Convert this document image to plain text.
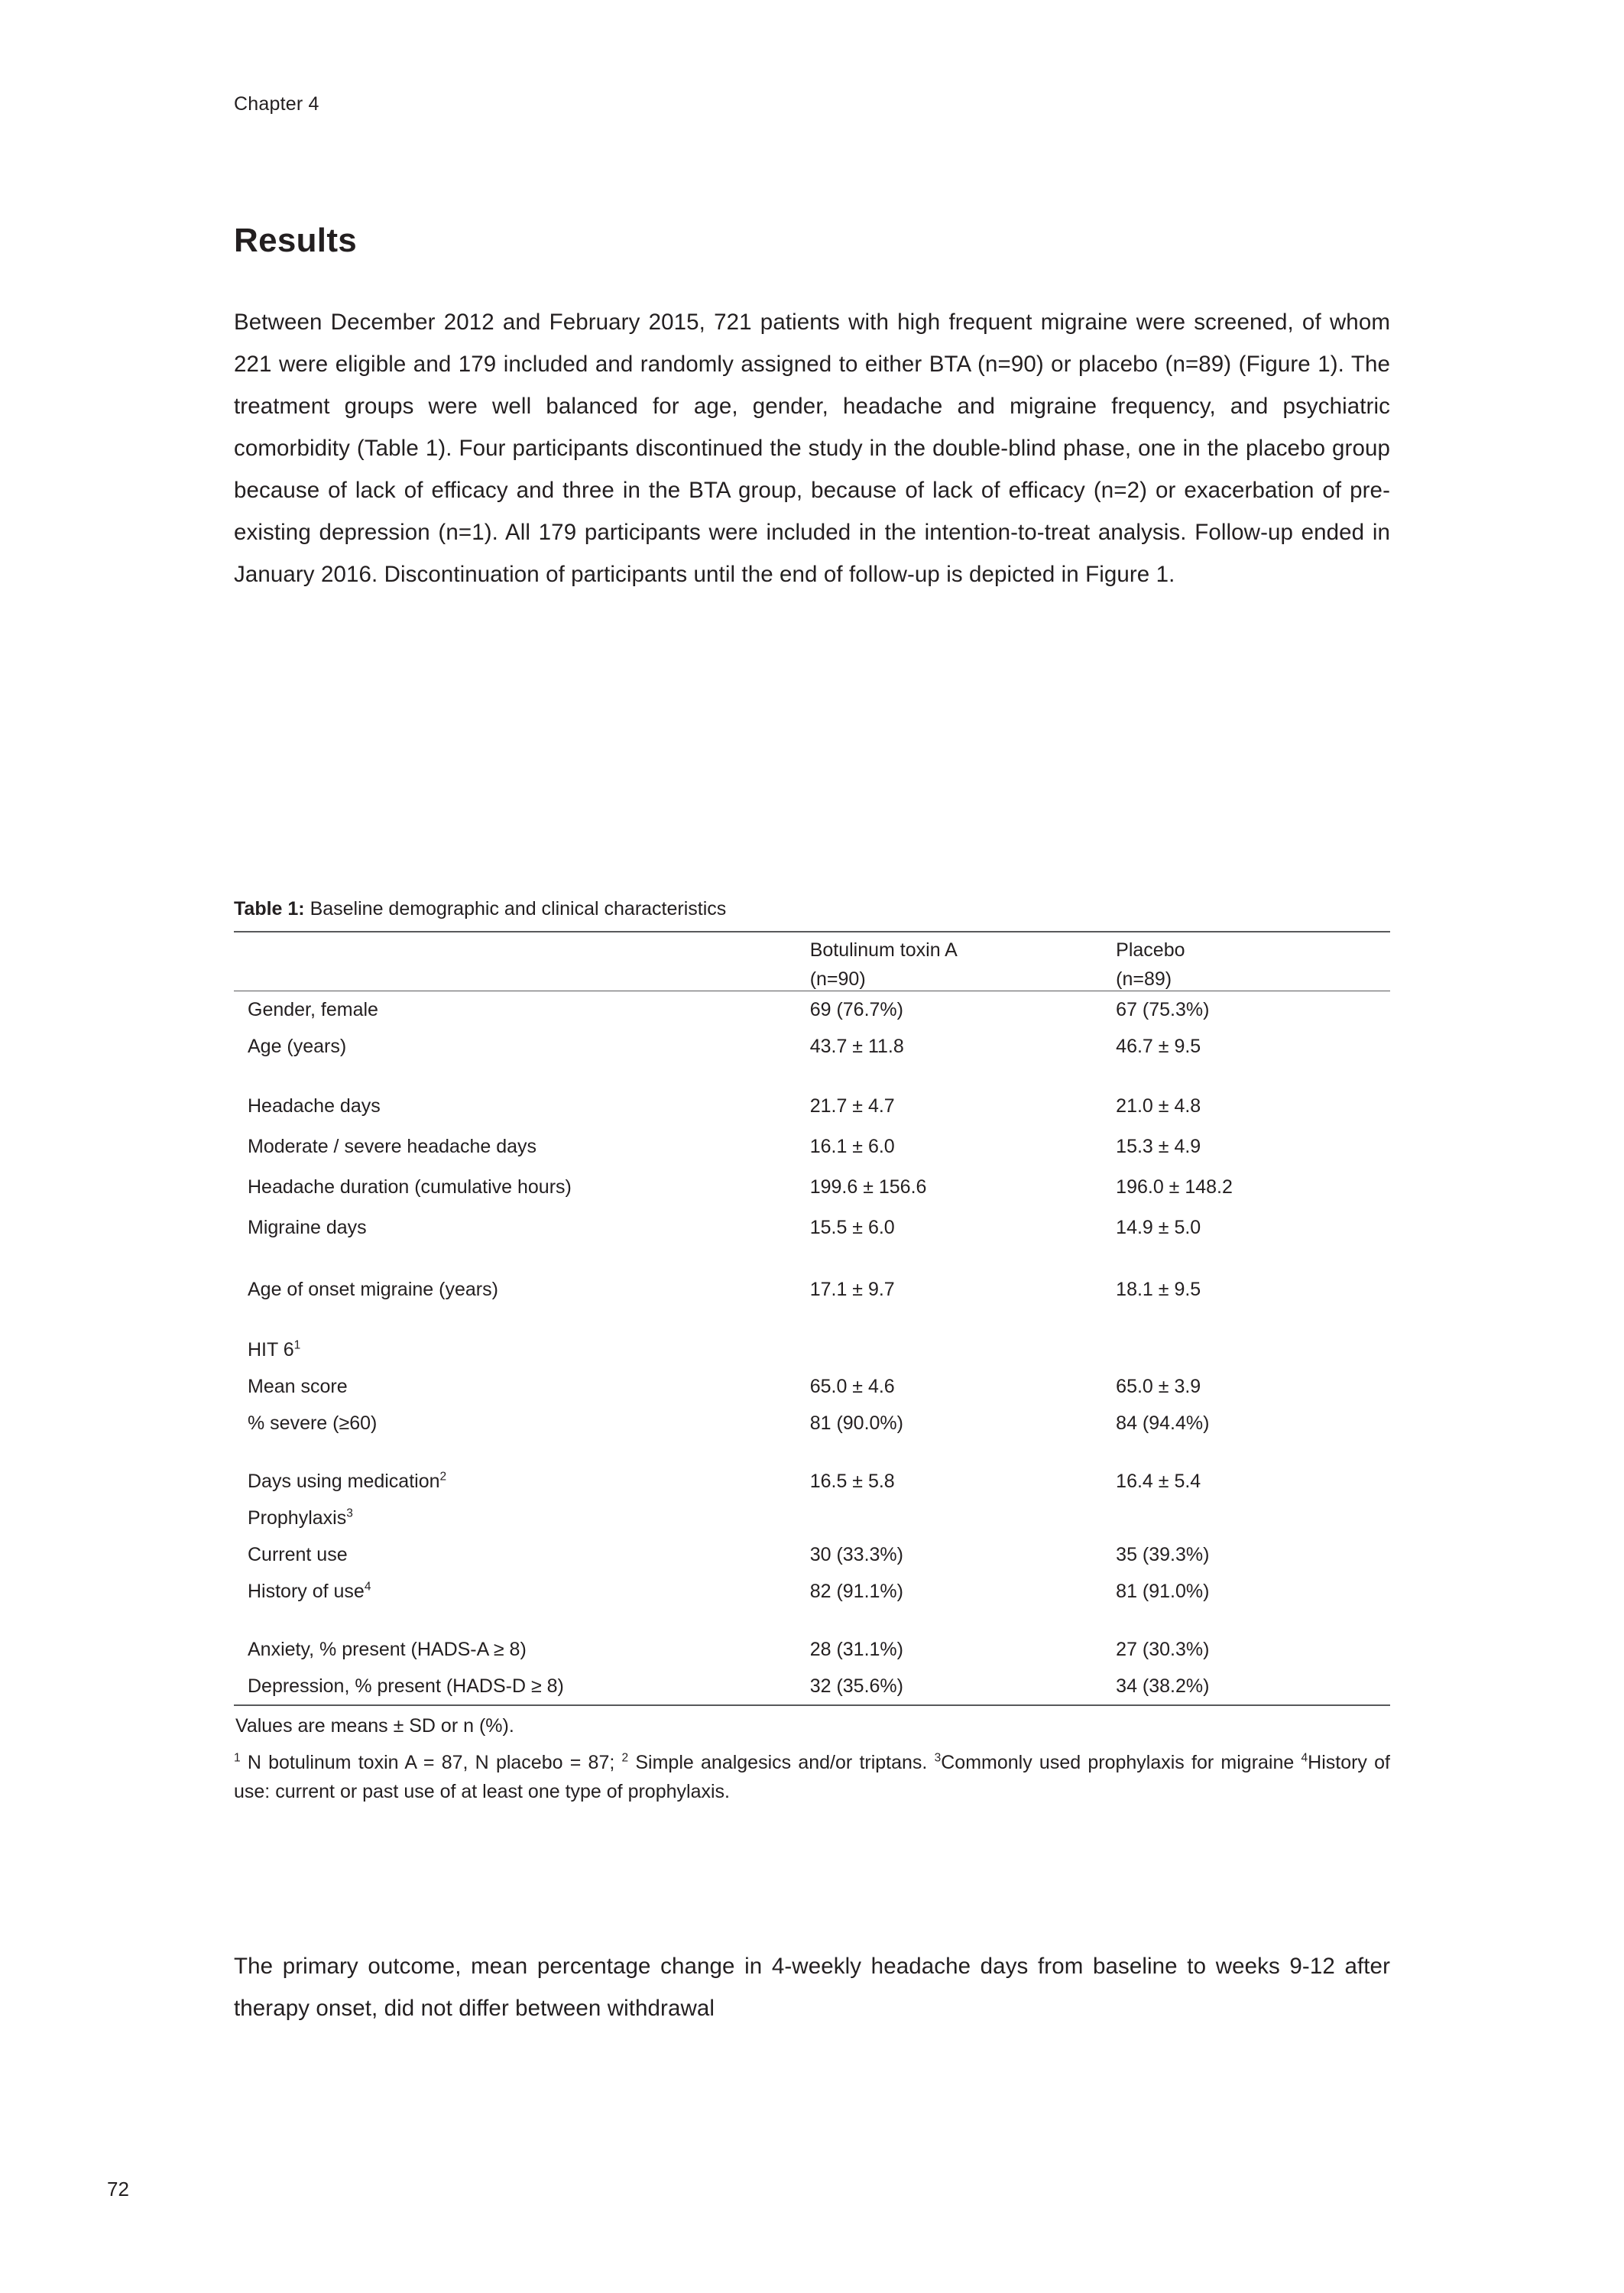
Chapter 4
Results

Between December 2012 and February 2015, 721 patients with high frequent migraine were screened, of whom 221 were eligible and 179 included and randomly assigned to either BTA (n=90) or placebo (n=89) (Figure 1). The treatment groups were well balanced for age, gender, headache and migraine frequency, and psychiatric comorbidity (Table 1). Four participants discontinued the study in the double-blind phase, one in the placebo group because of lack of efficacy and three in the BTA group, because of lack of efficacy (n=2) or exacerbation of pre-existing depression (n=1). All 179 participants were included in the intention-to-treat analysis. Follow-up ended in January 2016. Discontinuation of participants until the end of follow-up is depicted in Figure 1.

Table 1: Baseline demographic and clinical characteristics
	Botulinum toxin A	Placebo
	(n=90)	(n=89)
Gender, female	69 (76.7%)	67 (75.3%)
Age (years)	43.7 ± 11.8	46.7 ± 9.5

Headache days	21.7 ± 4.7	21.0 ± 4.8
Moderate / severe headache days	16.1 ± 6.0	15.3 ± 4.9
Headache duration (cumulative hours)	199.6 ± 156.6	196.0 ± 148.2
Migraine days	15.5 ± 6.0	14.9 ± 5.0

Age of onset migraine (years)	17.1 ± 9.7	18.1 ± 9.5

HIT $6^1$		
Mean score	65.0 ± 4.6	65.0 ± 3.9
% severe (≥60)	81 (90.0%)	84 (94.4%)

Days using medication$^2$	16.5 ± 5.8	16.4 ± 5.4
Prophylaxis$^3$		
Current use	30 (33.3%)	35 (39.3%)
History of use$^4$	82 (91.1%)	81 (91.0%)

Anxiety, % present (HADS-A ≥ 8)	28 (31.1%)	27 (30.3%)
Depression, % present (HADS-D ≥ 8)	32 (35.6%)	34 (38.2%)
Values are means ± SD or n (%).
$^1$ N botulinum toxin A = 87, N placebo = 87; $^2$ Simple analgesics and/or triptans. $^3$Commonly used prophylaxis for migraine $^4$History of use: current or past use of at least one type of prophylaxis.

The primary outcome, mean percentage change in 4-weekly headache days from baseline to weeks 9-12 after therapy onset, did not differ between withdrawal

72
